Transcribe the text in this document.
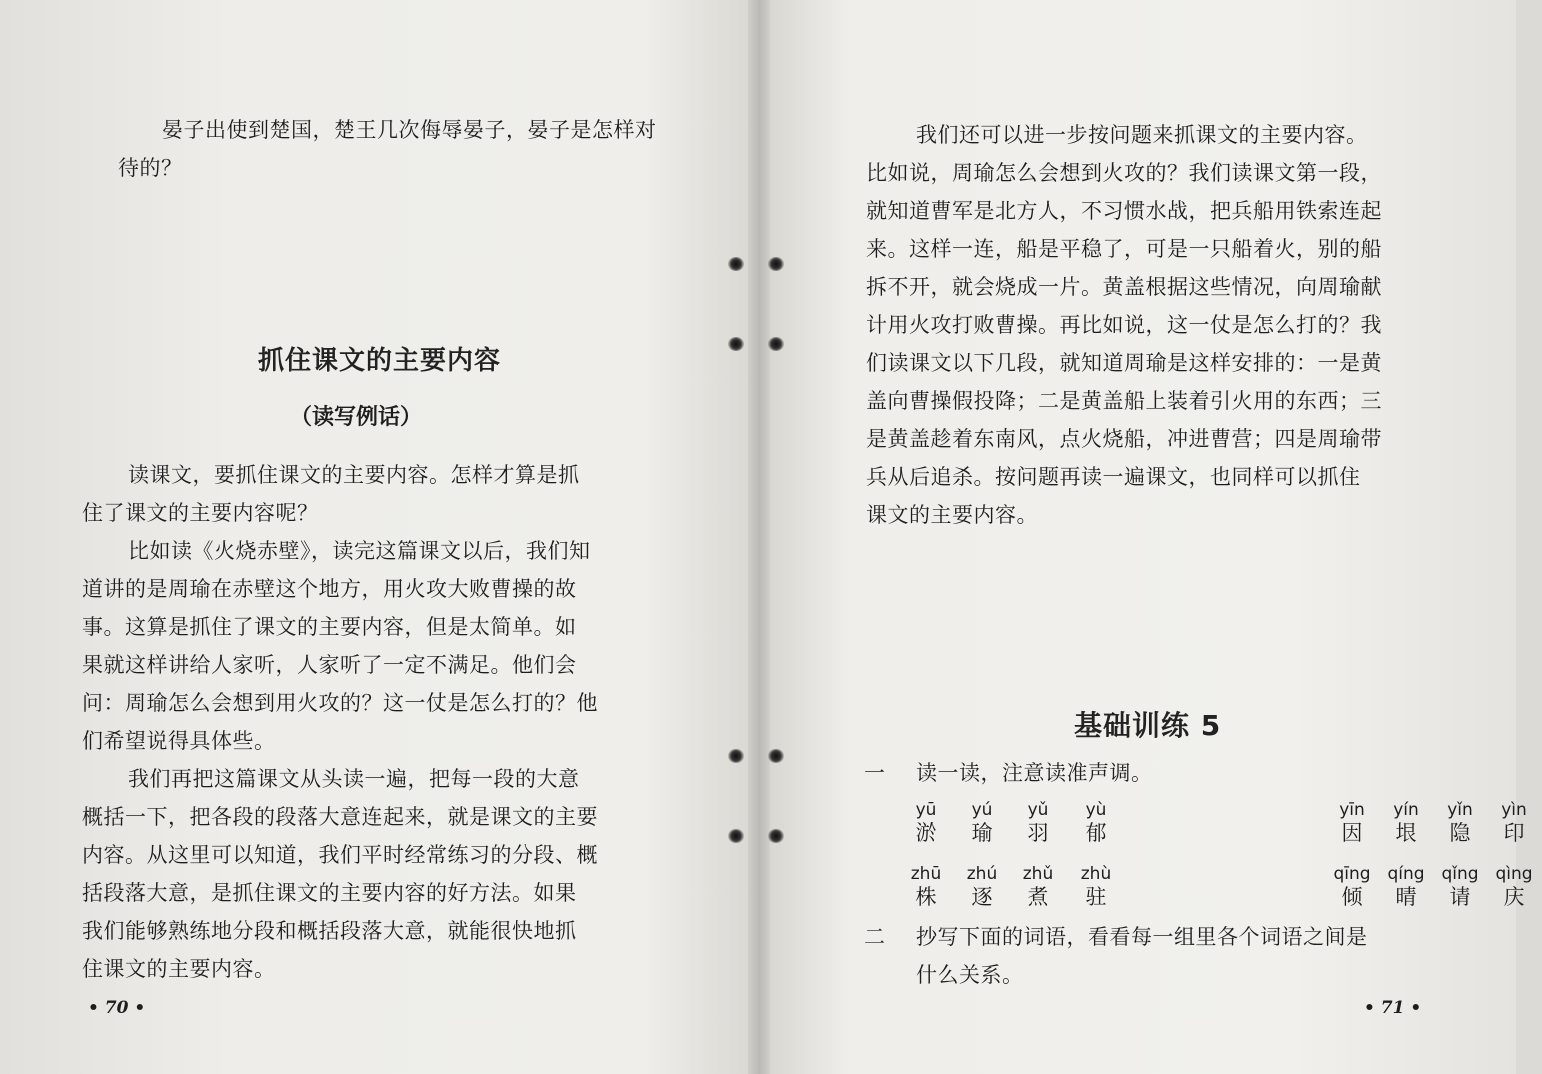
晏子出使到楚国，楚王几次侮辱晏子，晏子是怎样对

待的？

抓住课文的主要内容
（读写例话）

读课文，要抓住课文的主要内容。怎样才算是抓

住了课文的主要内容呢？

比如读《火烧赤壁》，读完这篇课文以后，我们知

道讲的是周瑜在赤壁这个地方，用火攻大败曹操的故

事。这算是抓住了课文的主要内容，但是太简单。如

果就这样讲给人家听，人家听了一定不满足。他们会

问：周瑜怎么会想到用火攻的？这一仗是怎么打的？他

们希望说得具体些。

我们再把这篇课文从头读一遍，把每一段的大意

概括一下，把各段的段落大意连起来，就是课文的主要

内容。从这里可以知道，我们平时经常练习的分段、概

括段落大意，是抓住课文的主要内容的好方法。如果

我们能够熟练地分段和概括段落大意，就能很快地抓

住课文的主要内容。

• 70 •

我们还可以进一步按问题来抓课文的主要内容。

比如说，周瑜怎么会想到火攻的？我们读课文第一段，

就知道曹军是北方人，不习惯水战，把兵船用铁索连起

来。这样一连，船是平稳了，可是一只船着火，别的船

拆不开，就会烧成一片。黄盖根据这些情况，向周瑜献

计用火攻打败曹操。再比如说，这一仗是怎么打的？我

们读课文以下几段，就知道周瑜是这样安排的：一是黄

盖向曹操假投降；二是黄盖船上装着引火用的东西；三

是黄盖趁着东南风，点火烧船，冲进曹营；四是周瑜带

兵从后追杀。按问题再读一遍课文，也同样可以抓住

课文的主要内容。

基础训练 5

一 读一读，注意读准声调。

yū
淤
yú
瑜
yǔ
羽
yù
郁
yīn
因
yín
垠
yǐn
隐
yìn
印
zhū
株
zhú
逐
zhǔ
煮
zhù
驻
qīng
倾
qíng
晴
qǐng
请
qìng
庆

二 抄写下面的词语，看看每一组里各个词语之间是

什么关系。

• 71 •
